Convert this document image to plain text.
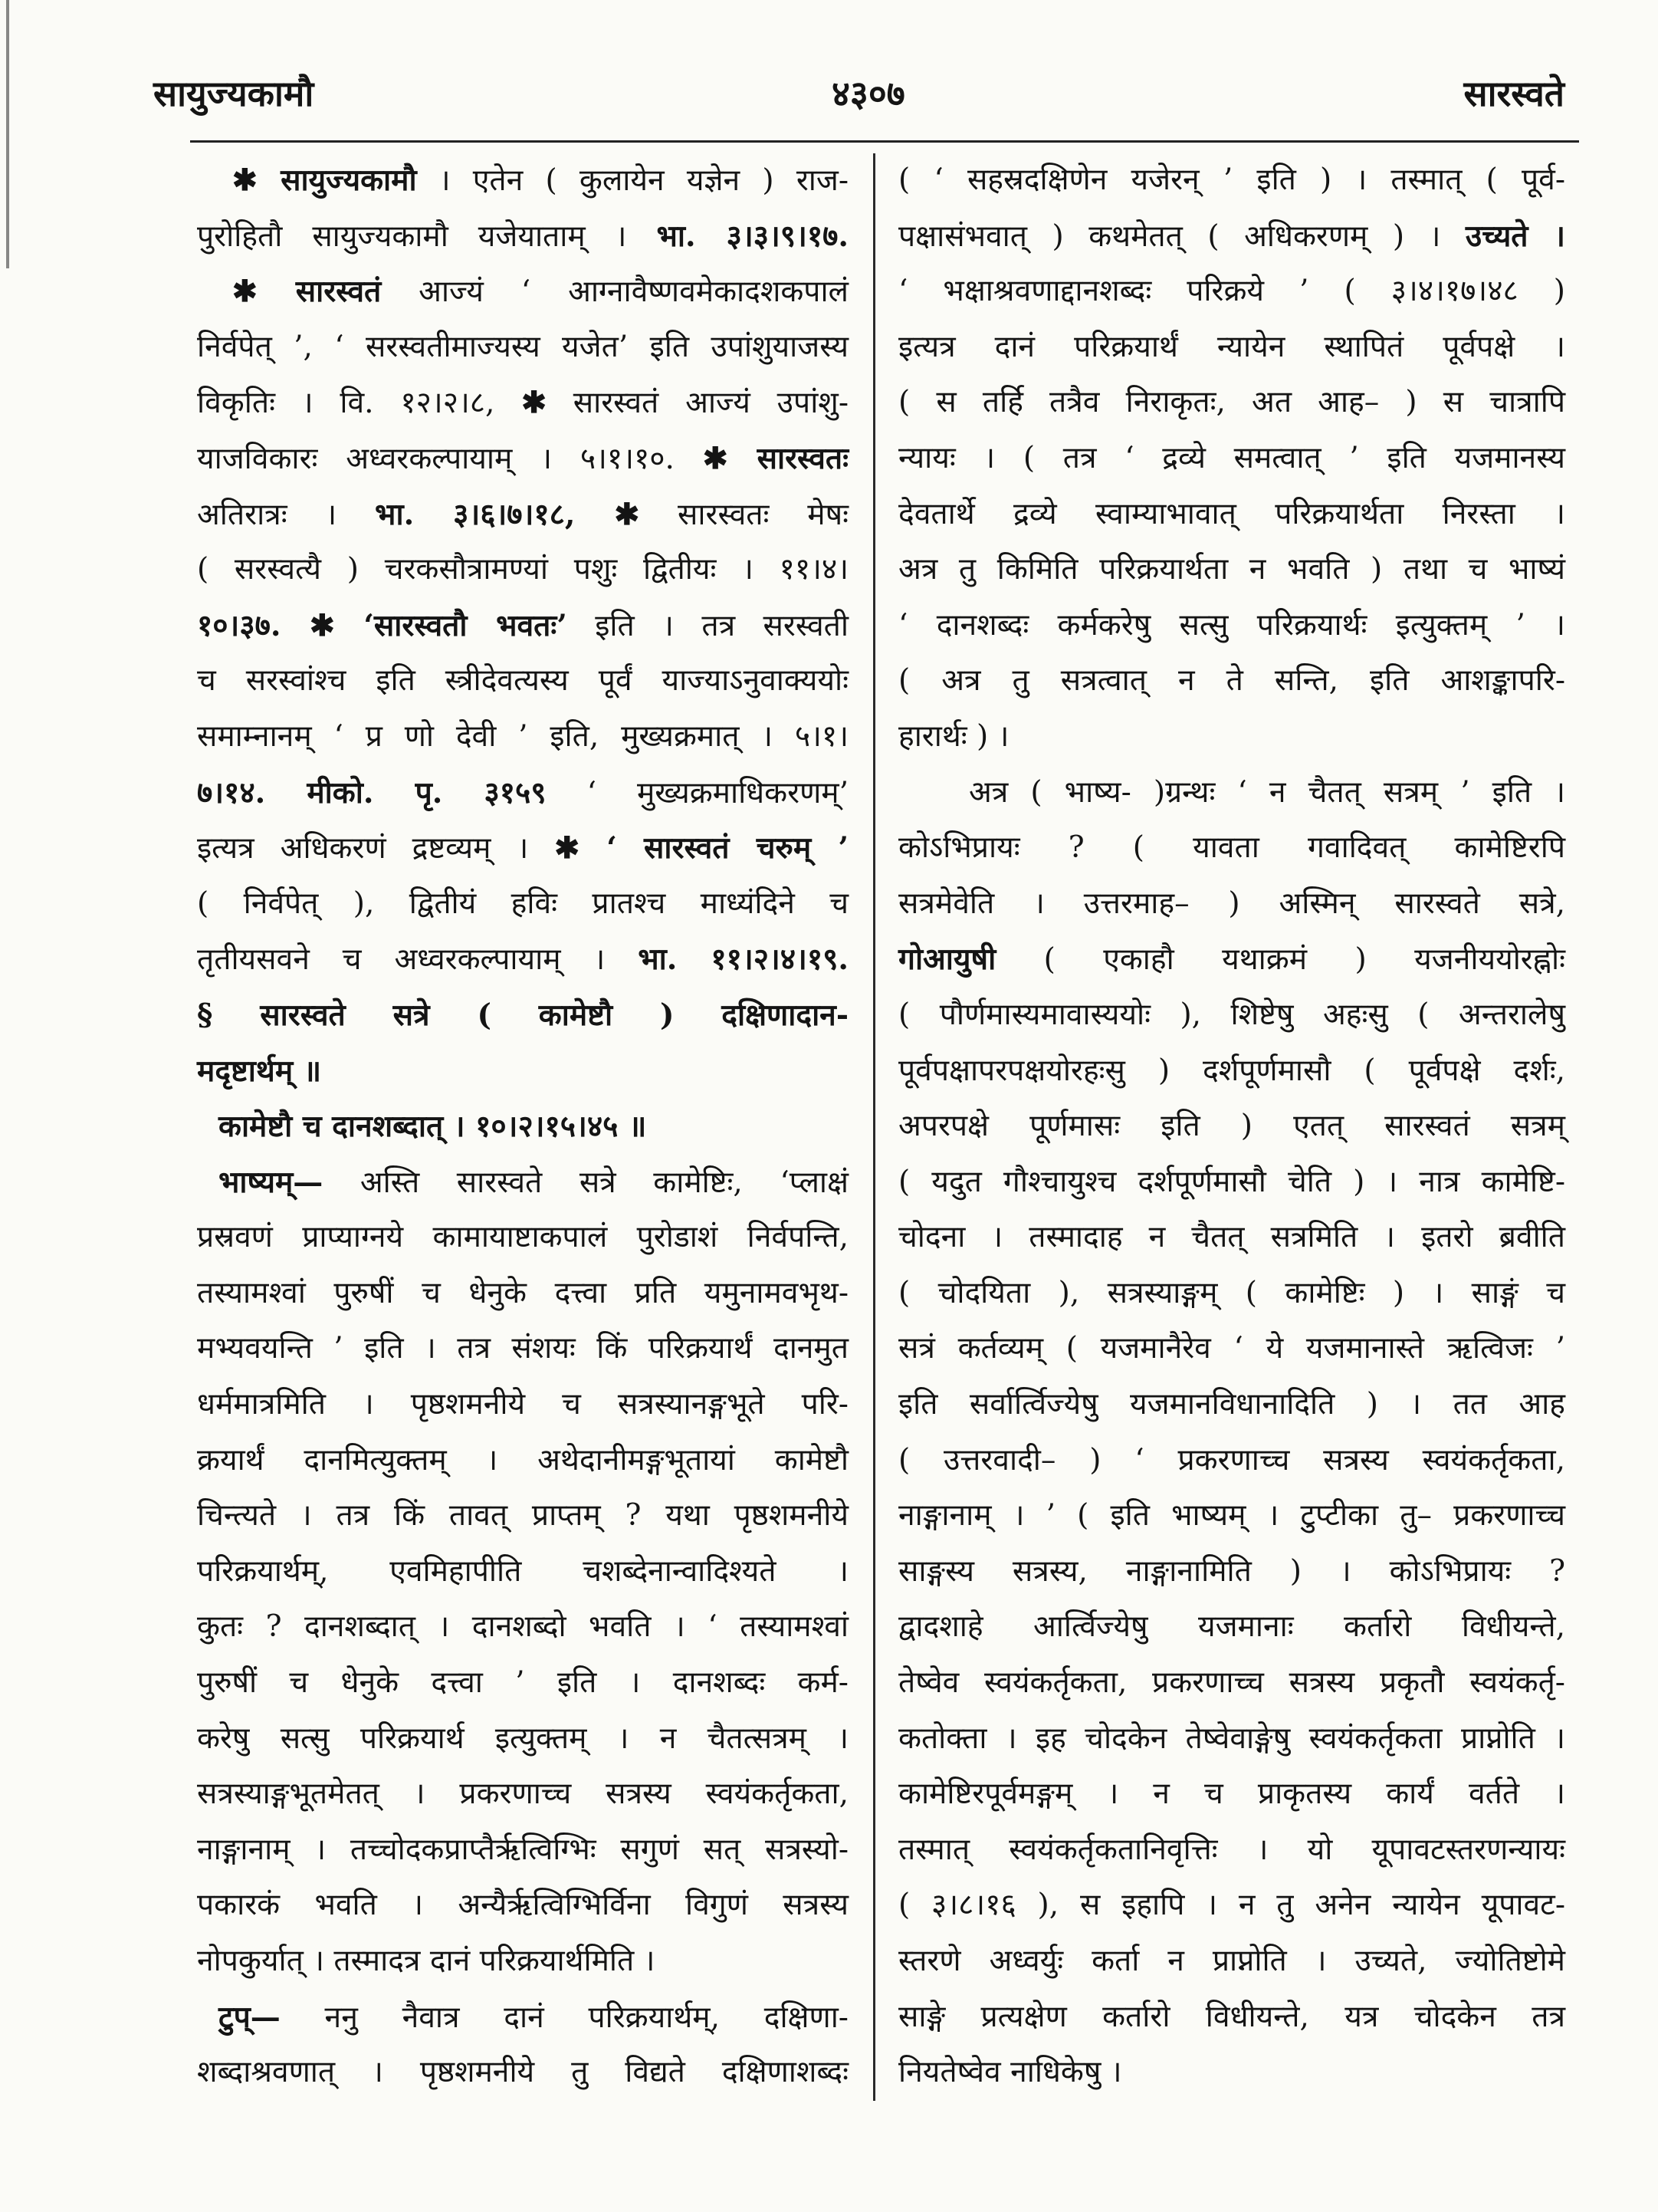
सायुज्यकामौ	४३०७	सारस्वते
✱ सायुज्यकामौ । एतेन ( कुलायेन यज्ञेन ) राज-
पुरोहितौ सायुज्यकामौ यजेयाताम् । भा. ३।३।९।१७.
✱ सारस्वतं आज्यं ‘ आग्नावैष्णवमेकादशकपालं
निर्वपेत् ’, ‘ सरस्वतीमाज्यस्य यजेत’ इति उपांशुयाजस्य
विकृतिः । वि. १२।२।८, ✱ सारस्वतं आज्यं उपांशु-
याजविकारः अध्वरकल्पायाम् । ५।१।१०. ✱ सारस्वतः
अतिरात्रः । भा. ३।६।७।१८, ✱ सारस्वतः मेषः
( सरस्वत्यै ) चरकसौत्रामण्यां पशुः द्वितीयः । ११।४।
१०।३७. ✱ ‘सारस्वतौ भवतः’ इति । तत्र सरस्वती
च सरस्वांश्च इति स्त्रीदेवत्यस्य पूर्वं याज्याऽनुवाक्ययोः
समाम्नानम् ‘ प्र णो देवी ’ इति, मुख्यक्रमात् । ५।१।
७।१४. मीको. पृ. ३१५९ ‘ मुख्यक्रमाधिकरणम्’
इत्यत्र अधिकरणं द्रष्टव्यम् । ✱ ‘ सारस्वतं चरुम् ’
( निर्वपेत् ), द्वितीयं हविः प्रातश्च माध्यंदिने च
तृतीयसवने च अध्वरकल्पायाम् । भा. ११।२।४।१९.
§ सारस्वते सत्रे ( कामेष्टौ ) दक्षिणादान-
मदृष्टार्थम् ॥
कामेष्टौ च दानशब्दात् । १०।२।१५।४५ ॥
भाष्यम्— अस्ति सारस्वते सत्रे कामेष्टिः, ‘प्लाक्षं
प्रस्रवणं प्राप्याग्नये कामायाष्टाकपालं पुरोडाशं निर्वपन्ति,
तस्यामश्वां पुरुषीं च धेनुके दत्त्वा प्रति यमुनामवभृथ-
मभ्यवयन्ति ’ इति । तत्र संशयः किं परिक्रयार्थं दानमुत
धर्ममात्रमिति । पृष्ठशमनीये च सत्रस्यानङ्गभूते परि-
क्रयार्थं दानमित्युक्तम् । अथेदानीमङ्गभूतायां कामेष्टौ
चिन्त्यते । तत्र किं तावत् प्राप्तम् ? यथा पृष्ठशमनीये
परिक्रयार्थम्, एवमिहापीति चशब्देनान्वादिश्यते ।
कुतः ? दानशब्दात् । दानशब्दो भवति । ‘ तस्यामश्वां
पुरुषीं च धेनुके दत्त्वा ’ इति । दानशब्दः कर्म-
करेषु सत्सु परिक्रयार्थ इत्युक्तम् । न चैतत्सत्रम् ।
सत्रस्याङ्गभूतमेतत् । प्रकरणाच्च सत्रस्य स्वयंकर्तृकता,
नाङ्गानाम् । तच्चोदकप्राप्तैर्ऋत्विग्भिः सगुणं सत् सत्रस्यो-
पकारकं भवति । अन्यैर्ऋत्विग्भिर्विना विगुणं सत्रस्य
नोपकुर्यात् । तस्मादत्र दानं परिक्रयार्थमिति ।
टुप्— ननु नैवात्र दानं परिक्रयार्थम्, दक्षिणा-
शब्दाश्रवणात् । पृष्ठशमनीये तु विद्यते दक्षिणाशब्दः
( ‘ सहस्रदक्षिणेन यजेरन् ’ इति ) । तस्मात् ( पूर्व-
पक्षासंभवात् ) कथमेतत् ( अधिकरणम् ) । उच्यते ।
‘ भक्षाश्रवणाद्दानशब्दः परिक्रये ’ ( ३।४।१७।४८ )
इत्यत्र दानं परिक्रयार्थं न्यायेन स्थापितं पूर्वपक्षे ।
( स तर्हि तत्रैव निराकृतः, अत आह– ) स चात्रापि
न्यायः । ( तत्र ‘ द्रव्ये समत्वात् ’ इति यजमानस्य
देवतार्थे द्रव्ये स्वाम्याभावात् परिक्रयार्थता निरस्ता ।
अत्र तु किमिति परिक्रयार्थता न भवति ) तथा च भाष्यं
‘ दानशब्दः कर्मकरेषु सत्सु परिक्रयार्थः इत्युक्तम् ’ ।
( अत्र तु सत्रत्वात् न ते सन्ति, इति आशङ्कापरि-
हारार्थः ) ।
अत्र ( भाष्य- )ग्रन्थः ‘ न चैतत् सत्रम् ’ इति ।
कोऽभिप्रायः ? ( यावता गवादिवत् कामेष्टिरपि
सत्रमेवेति । उत्तरमाह– ) अस्मिन् सारस्वते सत्रे,
गोआयुषी ( एकाहौ यथाक्रमं ) यजनीययोरह्नोः
( पौर्णमास्यमावास्ययोः ), शिष्टेषु अहःसु ( अन्तरालेषु
पूर्वपक्षापरपक्षयोरहःसु ) दर्शपूर्णमासौ ( पूर्वपक्षे दर्शः,
अपरपक्षे पूर्णमासः इति ) एतत् सारस्वतं सत्रम्
( यदुत गौश्चायुश्च दर्शपूर्णमासौ चेति ) । नात्र कामेष्टि-
चोदना । तस्मादाह न चैतत् सत्रमिति । इतरो ब्रवीति
( चोदयिता ), सत्रस्याङ्गम् ( कामेष्टिः ) । साङ्गं च
सत्रं कर्तव्यम् ( यजमानैरेव ‘ ये यजमानास्ते ऋत्विजः ’
इति सर्वार्त्विज्येषु यजमानविधानादिति ) । तत आह
( उत्तरवादी– ) ‘ प्रकरणाच्च सत्रस्य स्वयंकर्तृकता,
नाङ्गानाम् । ’ ( इति भाष्यम् । टुप्टीका तु– प्रकरणाच्च
साङ्गस्य सत्रस्य, नाङ्गानामिति ) । कोऽभिप्रायः ?
द्वादशाहे आर्त्विज्येषु यजमानाः कर्तारो विधीयन्ते,
तेष्वेव स्वयंकर्तृकता, प्रकरणाच्च सत्रस्य प्रकृतौ स्वयंकर्तृ-
कतोक्ता । इह चोदकेन तेष्वेवाङ्गेषु स्वयंकर्तृकता प्राप्नोति ।
कामेष्टिरपूर्वमङ्गम् । न च प्राकृतस्य कार्यं वर्तते ।
तस्मात् स्वयंकर्तृकतानिवृत्तिः । यो यूपावटस्तरणन्यायः
( ३।८।१६ ), स इहापि । न तु अनेन न्यायेन यूपावट-
स्तरणे अध्वर्युः कर्ता न प्राप्नोति । उच्यते, ज्योतिष्टोमे
साङ्गे प्रत्यक्षेण कर्तारो विधीयन्ते, यत्र चोदकेन तत्र
नियतेष्वेव नाधिकेषु ।
